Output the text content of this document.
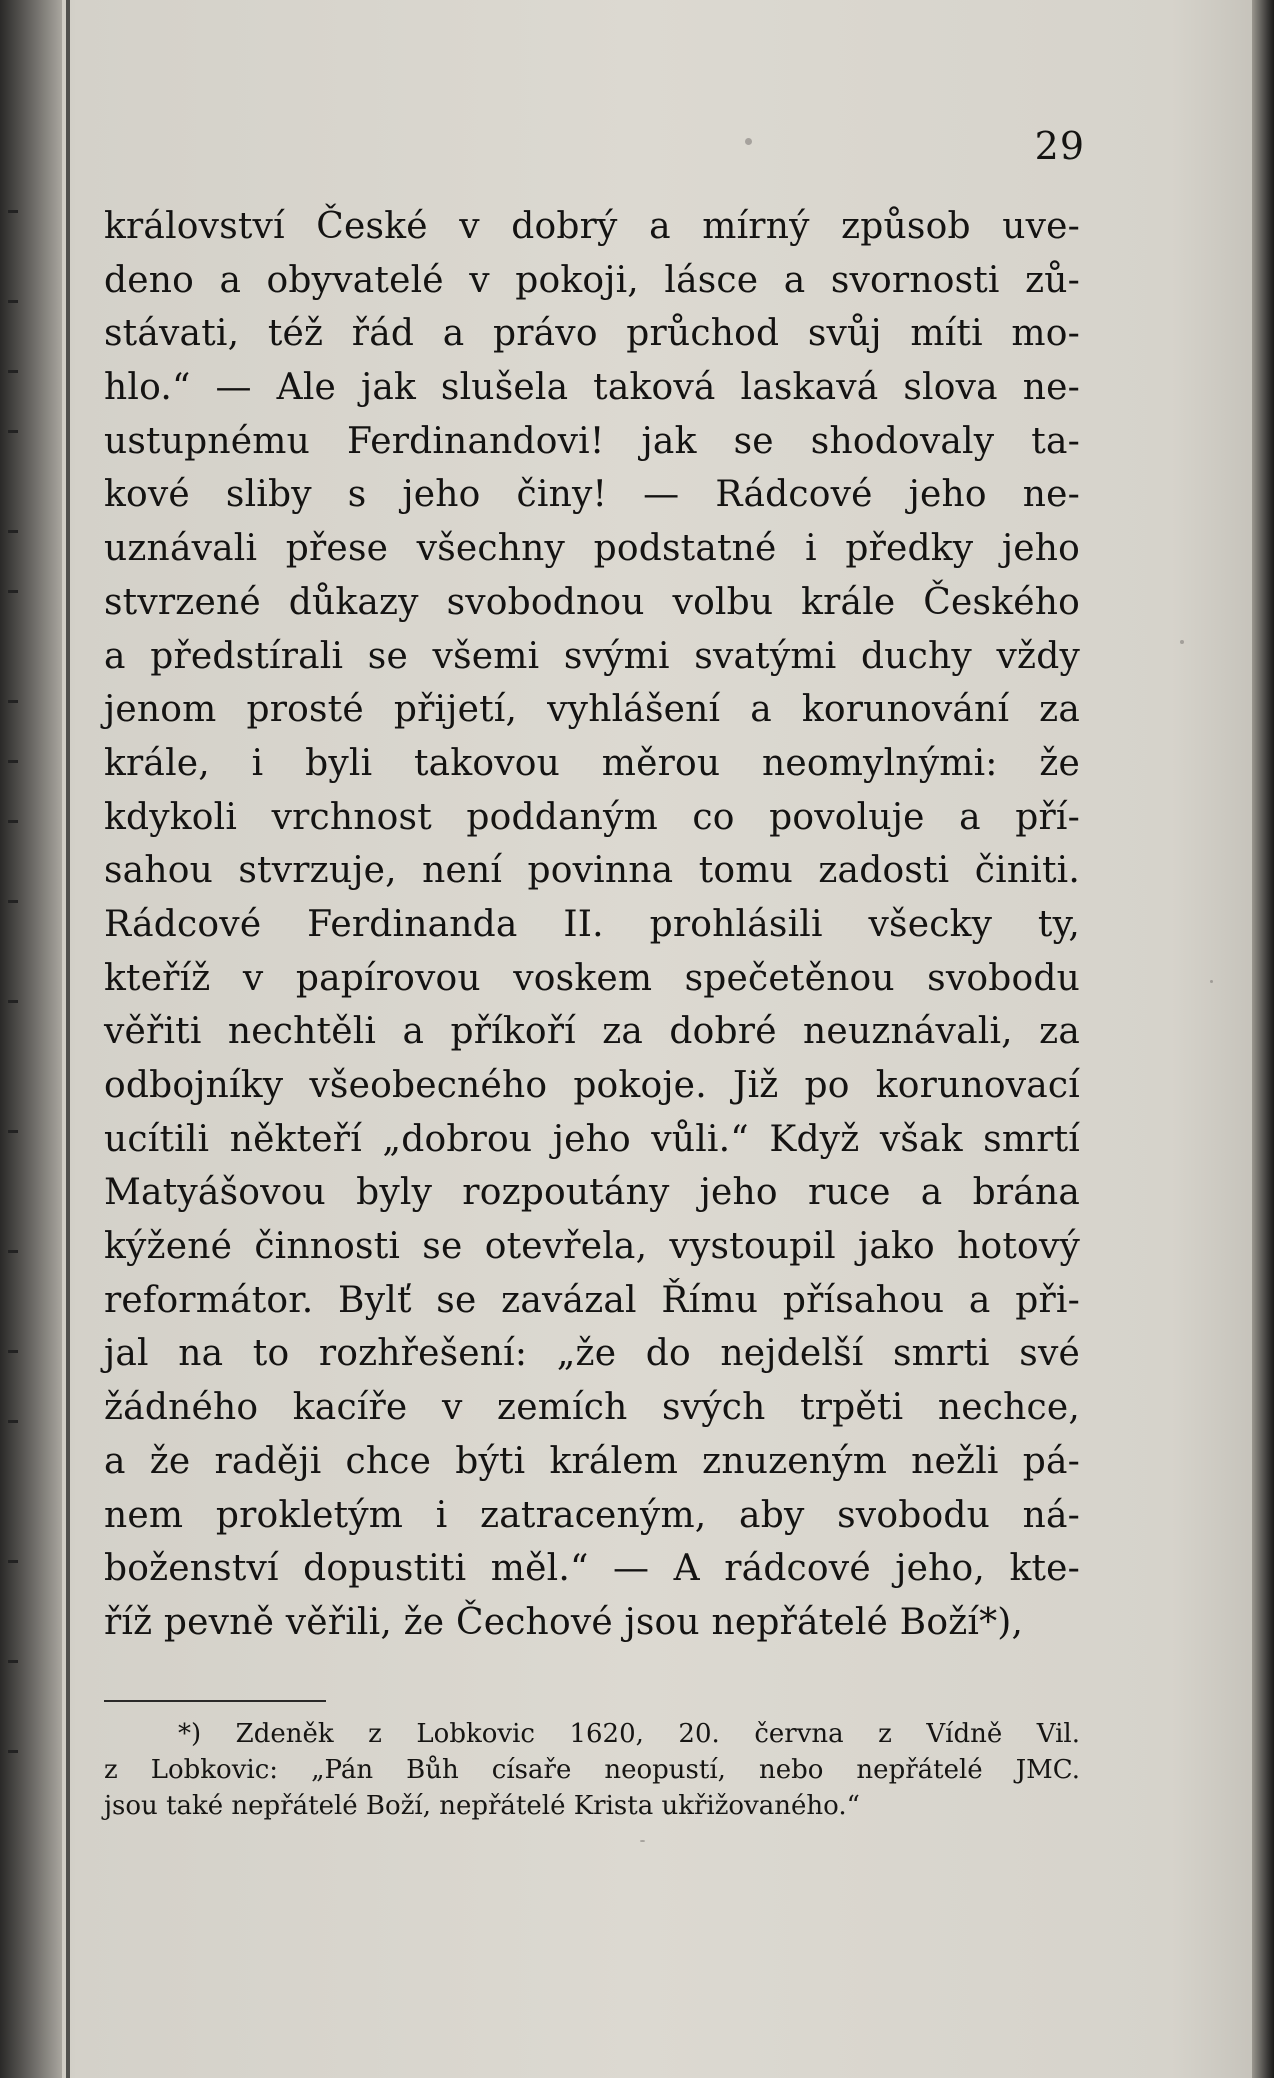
29
království České v dobrý a mírný způsob uve-
deno a obyvatelé v pokoji, lásce a svornosti zů-
stávati, též řád a právo průchod svůj míti mo-
hlo.“ — Ale jak slušela taková laskavá slova ne-
ustupnému Ferdinandovi! jak se shodovaly ta-
kové sliby s jeho činy! — Rádcové jeho ne-
uznávali přese všechny podstatné i předky jeho
stvrzené důkazy svobodnou volbu krále Českého
a předstírali se všemi svými svatými duchy vždy
jenom prosté přijetí, vyhlášení a korunování za
krále, i byli takovou měrou neomylnými: že
kdykoli vrchnost poddaným co povoluje a pří-
sahou stvrzuje, není povinna tomu zadosti činiti.
Rádcové Ferdinanda II. prohlásili všecky ty,
kteříž v papírovou voskem spečetěnou svobodu
věřiti nechtěli a příkoří za dobré neuznávali, za
odbojníky všeobecného pokoje. Již po korunovací
ucítili někteří „dobrou jeho vůli.“ Když však smrtí
Matyášovou byly rozpoutány jeho ruce a brána
kýžené činnosti se otevřela, vystoupil jako hotový
reformátor. Bylť se zavázal Římu přísahou a při-
jal na to rozhřešení: „že do nejdelší smrti své
žádného kacíře v zemích svých trpěti nechce,
a že raději chce býti králem znuzeným nežli pá-
nem prokletým i zatraceným, aby svobodu ná-
boženství dopustiti měl.“ — A rádcové jeho, kte-
říž pevně věřili, že Čechové jsou nepřátelé Boží*),
*) Zdeněk z Lobkovic 1620, 20. června z Vídně Vil.
z Lobkovic: „Pán Bůh císaře neopustí, nebo nepřátelé JMC.
jsou také nepřátelé Boží, nepřátelé Krista ukřižovaného.“
